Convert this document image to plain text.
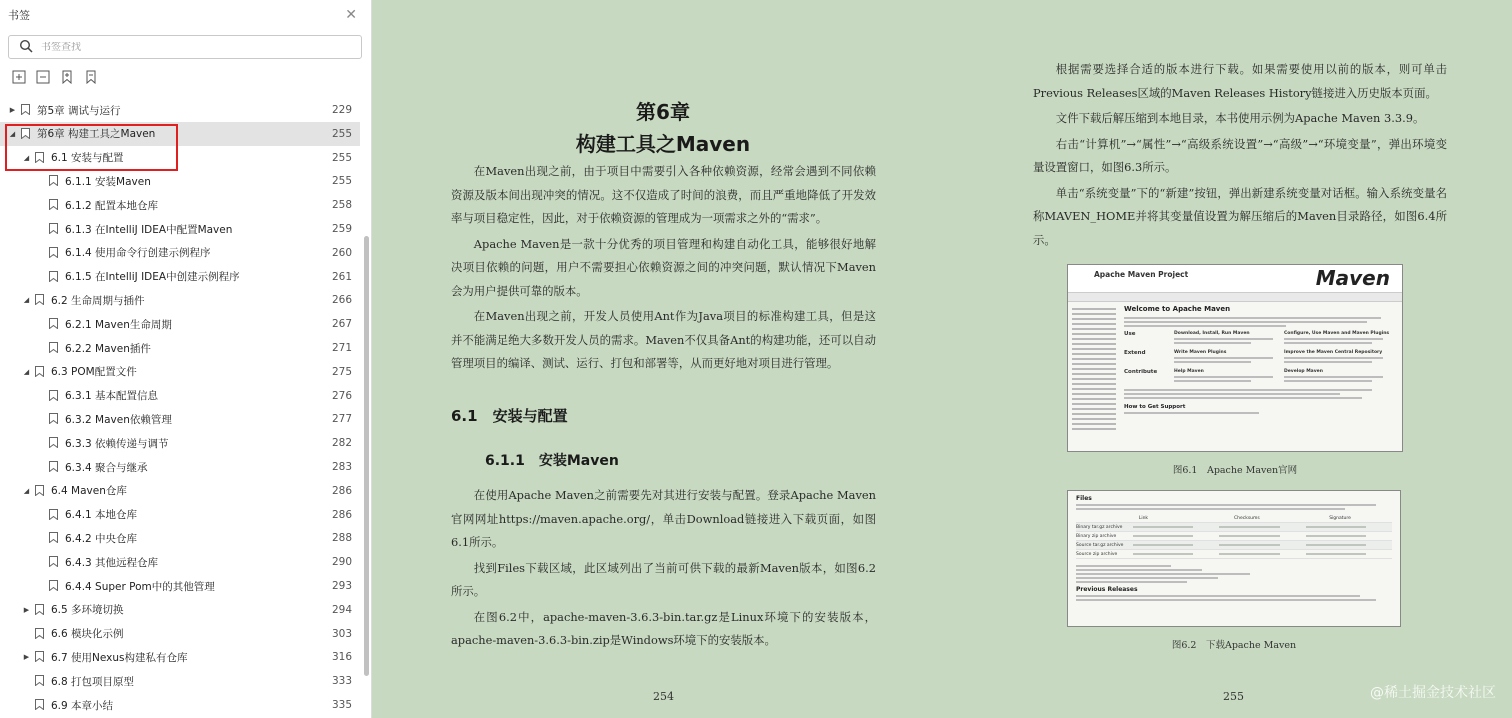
书签	✕
书签查找
▶ 第5章 调试与运行	229
◢ 第6章 构建工具之Maven	255
◢ 6.1 安装与配置	255
6.1.1 安装Maven	255
6.1.2 配置本地仓库	258
6.1.3 在IntelliJ IDEA中配置Maven	259
6.1.4 使用命令行创建示例程序	260
6.1.5 在IntelliJ IDEA中创建示例程序	261
◢ 6.2 生命周期与插件	266
6.2.1 Maven生命周期	267
6.2.2 Maven插件	271
◢ 6.3 POM配置文件	275
6.3.1 基本配置信息	276
6.3.2 Maven依赖管理	277
6.3.3 依赖传递与调节	282
6.3.4 聚合与继承	283
◢ 6.4 Maven仓库	286
6.4.1 本地仓库	286
6.4.2 中央仓库	288
6.4.3 其他远程仓库	290
6.4.4 Super Pom中的其他管理	293
▶ 6.5 多环境切换	294
6.6 模块化示例	303
▶ 6.7 使用Nexus构建私有仓库	316
6.8 打包项目原型	333
6.9 本章小结	335
第6章
构建工具之Maven

在Maven出现之前，由于项目中需要引入各种依赖资源，经常会遇到不同依赖资源及版本间出现冲突的情况。这不仅造成了时间的浪费，而且严重地降低了开发效率与项目稳定性，因此，对于依赖资源的管理成为一项需求之外的“需求”。

Apache Maven是一款十分优秀的项目管理和构建自动化工具，能够很好地解决项目依赖的问题，用户不需要担心依赖资源之间的冲突问题，默认情况下Maven会为用户提供可靠的版本。

在Maven出现之前，开发人员使用Ant作为Java项目的标准构建工具，但是这并不能满足绝大多数开发人员的需求。Maven不仅具备Ant的构建功能，还可以自动管理项目的编译、测试、运行、打包和部署等，从而更好地对项目进行管理。

6.1　安装与配置
6.1.1　安装Maven

在使用Apache Maven之前需要先对其进行安装与配置。登录Apache Maven官网网址https://maven.apache.org/，单击Download链接进入下载页面，如图6.1所示。

找到Files下载区域，此区域列出了当前可供下载的最新Maven版本，如图6.2所示。

在图6.2中，apache-maven-3.6.3-bin.tar.gz是Linux环境下的安装版本，apache-maven-3.6.3-bin.zip是Windows环境下的安装版本。

254

根据需要选择合适的版本进行下载。如果需要使用以前的版本，则可单击Previous Releases区域的Maven Releases History链接进入历史版本页面。

文件下载后解压缩到本地目录，本书使用示例为Apache Maven 3.3.9。

右击“计算机”→“属性”→“高级系统设置”→“高级”→“环境变量”，弹出环境变量设置窗口，如图6.3所示。

单击“系统变量”下的“新建”按钮，弹出新建系统变量对话框。输入系统变量名称MAVEN_HOME并将其变量值设置为解压缩后的Maven目录路径，如图6.4所示。

Apache Maven Project	Maven
Welcome to Apache Maven
Use	Download, Install, Run Maven	Configure, Use Maven and Maven Plugins
Extend	Write Maven Plugins	Improve the Maven Central Repository
Contribute	Help Maven	Develop Maven
How to Get Support
图6.1　Apache Maven官网
Files
Link	Checksums	Signature
Binary tar.gz archive
Binary zip archive
Source tar.gz archive
Source zip archive
Previous Releases
图6.2　下载Apache Maven
255	@稀土掘金技术社区
